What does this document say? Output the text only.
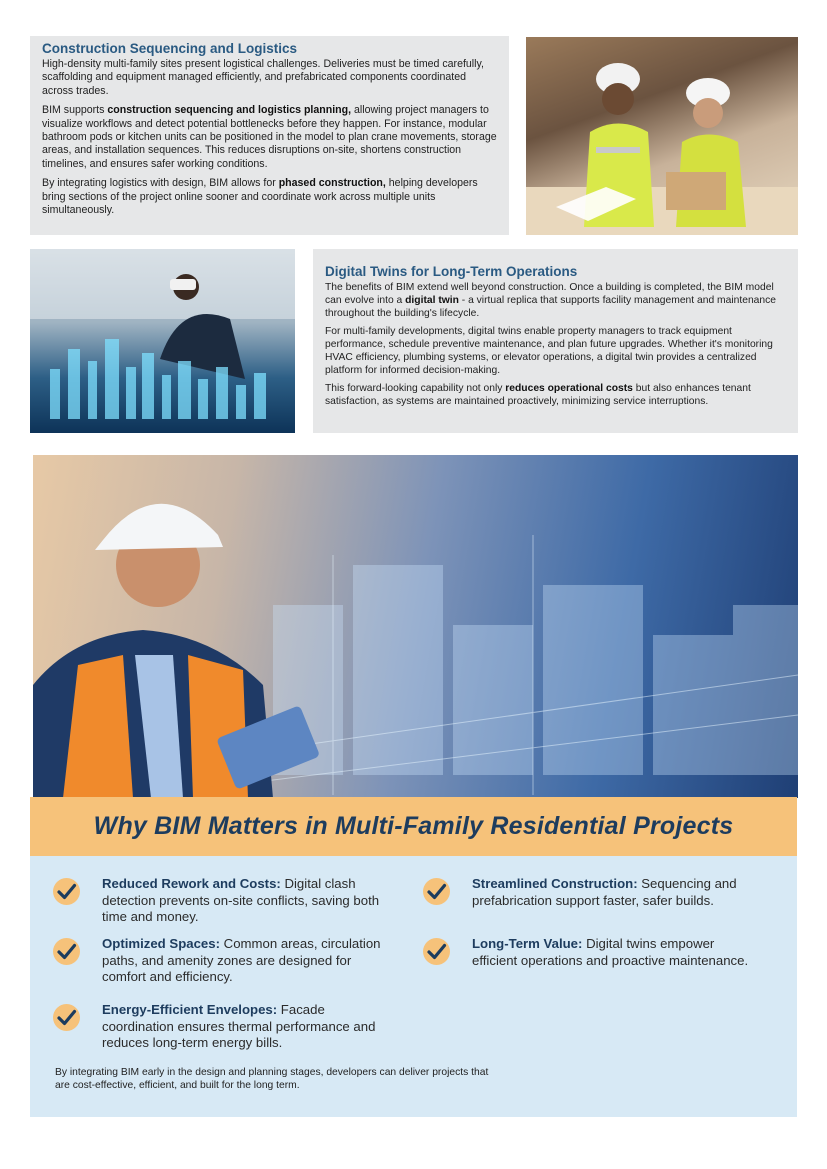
Construction Sequencing and Logistics

High-density multi-family sites present logistical challenges. Deliveries must be timed carefully, scaffolding and equipment managed efficiently, and prefabricated components coordinated across trades.

BIM supports construction sequencing and logistics planning, allowing project managers to visualize workflows and detect potential bottlenecks before they happen. For instance, modular bathroom pods or kitchen units can be positioned in the model to plan crane movements, storage areas, and installation sequences. This reduces disruptions on-site, shortens construction timelines, and ensures safer working conditions.

By integrating logistics with design, BIM allows for phased construction, helping developers bring sections of the project online sooner and coordinate work across multiple units simultaneously.

Digital Twins for Long-Term Operations

The benefits of BIM extend well beyond construction. Once a building is completed, the BIM model can evolve into a digital twin - a virtual replica that supports facility management and maintenance throughout the building's lifecycle.

For multi-family developments, digital twins enable property managers to track equipment performance, schedule preventive maintenance, and plan future upgrades. Whether it's monitoring HVAC efficiency, plumbing systems, or elevator operations, a digital twin provides a centralized platform for informed decision-making.

This forward-looking capability not only reduces operational costs but also enhances tenant satisfaction, as systems are maintained proactively, minimizing service interruptions.

Why BIM Matters in Multi-Family Residential Projects
Reduced Rework and Costs: Digital clash detection prevents on-site conflicts, saving both time and money.
Optimized Spaces: Common areas, circulation paths, and amenity zones are designed for comfort and efficiency.
Energy-Efficient Envelopes: Facade coordination ensures thermal performance and reduces long-term energy bills.
Streamlined Construction: Sequencing and prefabrication support faster, safer builds.
Long-Term Value: Digital twins empower efficient operations and proactive maintenance.

By integrating BIM early in the design and planning stages, developers can deliver projects that are cost-effective, efficient, and built for the long term.
